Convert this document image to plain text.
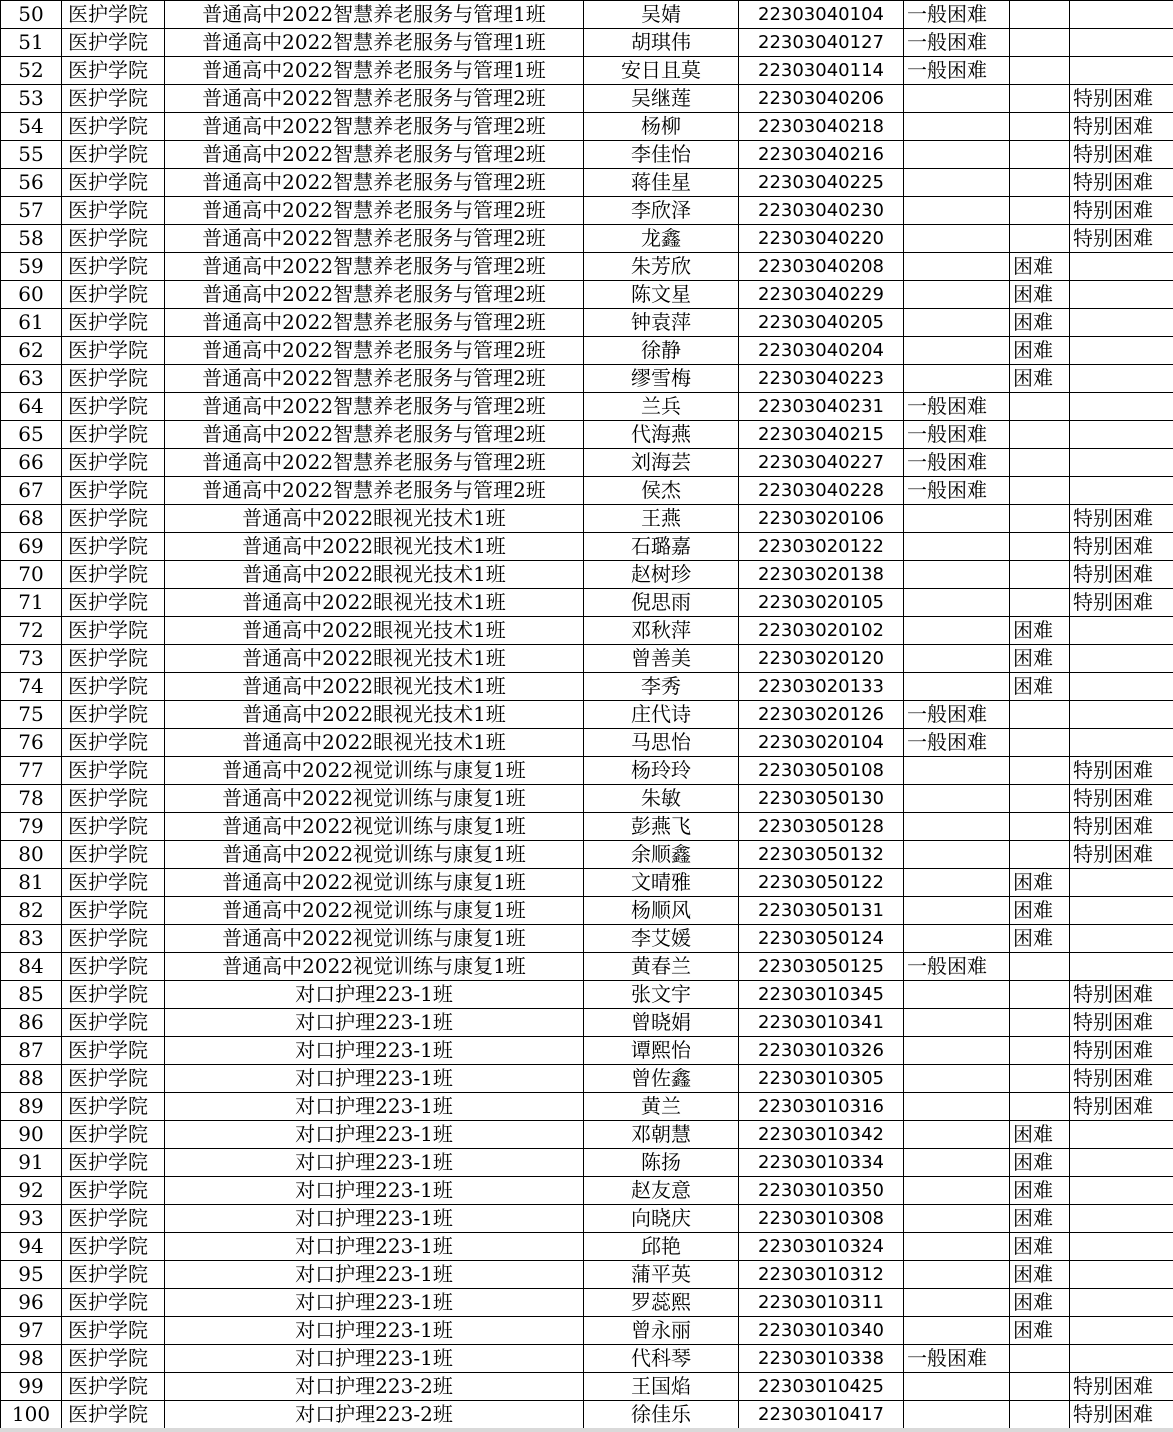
50	医护学院	普通高中2022智慧养老服务与管理1班	吴婧	22303040104	一般困难		
51	医护学院	普通高中2022智慧养老服务与管理1班	胡琪伟	22303040127	一般困难		
52	医护学院	普通高中2022智慧养老服务与管理1班	安日且莫	22303040114	一般困难		
53	医护学院	普通高中2022智慧养老服务与管理2班	吴继莲	22303040206			特别困难
54	医护学院	普通高中2022智慧养老服务与管理2班	杨柳	22303040218			特别困难
55	医护学院	普通高中2022智慧养老服务与管理2班	李佳怡	22303040216			特别困难
56	医护学院	普通高中2022智慧养老服务与管理2班	蒋佳星	22303040225			特别困难
57	医护学院	普通高中2022智慧养老服务与管理2班	李欣泽	22303040230			特别困难
58	医护学院	普通高中2022智慧养老服务与管理2班	龙鑫	22303040220			特别困难
59	医护学院	普通高中2022智慧养老服务与管理2班	朱芳欣	22303040208		困难	
60	医护学院	普通高中2022智慧养老服务与管理2班	陈文星	22303040229		困难	
61	医护学院	普通高中2022智慧养老服务与管理2班	钟袁萍	22303040205		困难	
62	医护学院	普通高中2022智慧养老服务与管理2班	徐静	22303040204		困难	
63	医护学院	普通高中2022智慧养老服务与管理2班	缪雪梅	22303040223		困难	
64	医护学院	普通高中2022智慧养老服务与管理2班	兰兵	22303040231	一般困难		
65	医护学院	普通高中2022智慧养老服务与管理2班	代海燕	22303040215	一般困难		
66	医护学院	普通高中2022智慧养老服务与管理2班	刘海芸	22303040227	一般困难		
67	医护学院	普通高中2022智慧养老服务与管理2班	侯杰	22303040228	一般困难		
68	医护学院	普通高中2022眼视光技术1班	王燕	22303020106			特别困难
69	医护学院	普通高中2022眼视光技术1班	石璐嘉	22303020122			特别困难
70	医护学院	普通高中2022眼视光技术1班	赵树珍	22303020138			特别困难
71	医护学院	普通高中2022眼视光技术1班	倪思雨	22303020105			特别困难
72	医护学院	普通高中2022眼视光技术1班	邓秋萍	22303020102		困难	
73	医护学院	普通高中2022眼视光技术1班	曾善美	22303020120		困难	
74	医护学院	普通高中2022眼视光技术1班	李秀	22303020133		困难	
75	医护学院	普通高中2022眼视光技术1班	庄代诗	22303020126	一般困难		
76	医护学院	普通高中2022眼视光技术1班	马思怡	22303020104	一般困难		
77	医护学院	普通高中2022视觉训练与康复1班	杨玲玲	22303050108			特别困难
78	医护学院	普通高中2022视觉训练与康复1班	朱敏	22303050130			特别困难
79	医护学院	普通高中2022视觉训练与康复1班	彭燕飞	22303050128			特别困难
80	医护学院	普通高中2022视觉训练与康复1班	余顺鑫	22303050132			特别困难
81	医护学院	普通高中2022视觉训练与康复1班	文晴雅	22303050122		困难	
82	医护学院	普通高中2022视觉训练与康复1班	杨顺风	22303050131		困难	
83	医护学院	普通高中2022视觉训练与康复1班	李艾媛	22303050124		困难	
84	医护学院	普通高中2022视觉训练与康复1班	黄春兰	22303050125	一般困难		
85	医护学院	对口护理223-1班	张文宇	22303010345			特别困难
86	医护学院	对口护理223-1班	曾晓娟	22303010341			特别困难
87	医护学院	对口护理223-1班	谭熙怡	22303010326			特别困难
88	医护学院	对口护理223-1班	曾佐鑫	22303010305			特别困难
89	医护学院	对口护理223-1班	黄兰	22303010316			特别困难
90	医护学院	对口护理223-1班	邓朝慧	22303010342		困难	
91	医护学院	对口护理223-1班	陈扬	22303010334		困难	
92	医护学院	对口护理223-1班	赵友意	22303010350		困难	
93	医护学院	对口护理223-1班	向晓庆	22303010308		困难	
94	医护学院	对口护理223-1班	邱艳	22303010324		困难	
95	医护学院	对口护理223-1班	蒲平英	22303010312		困难	
96	医护学院	对口护理223-1班	罗蕊熙	22303010311		困难	
97	医护学院	对口护理223-1班	曾永丽	22303010340		困难	
98	医护学院	对口护理223-1班	代科琴	22303010338	一般困难		
99	医护学院	对口护理223-2班	王国焰	22303010425			特别困难
100	医护学院	对口护理223-2班	徐佳乐	22303010417			特别困难
